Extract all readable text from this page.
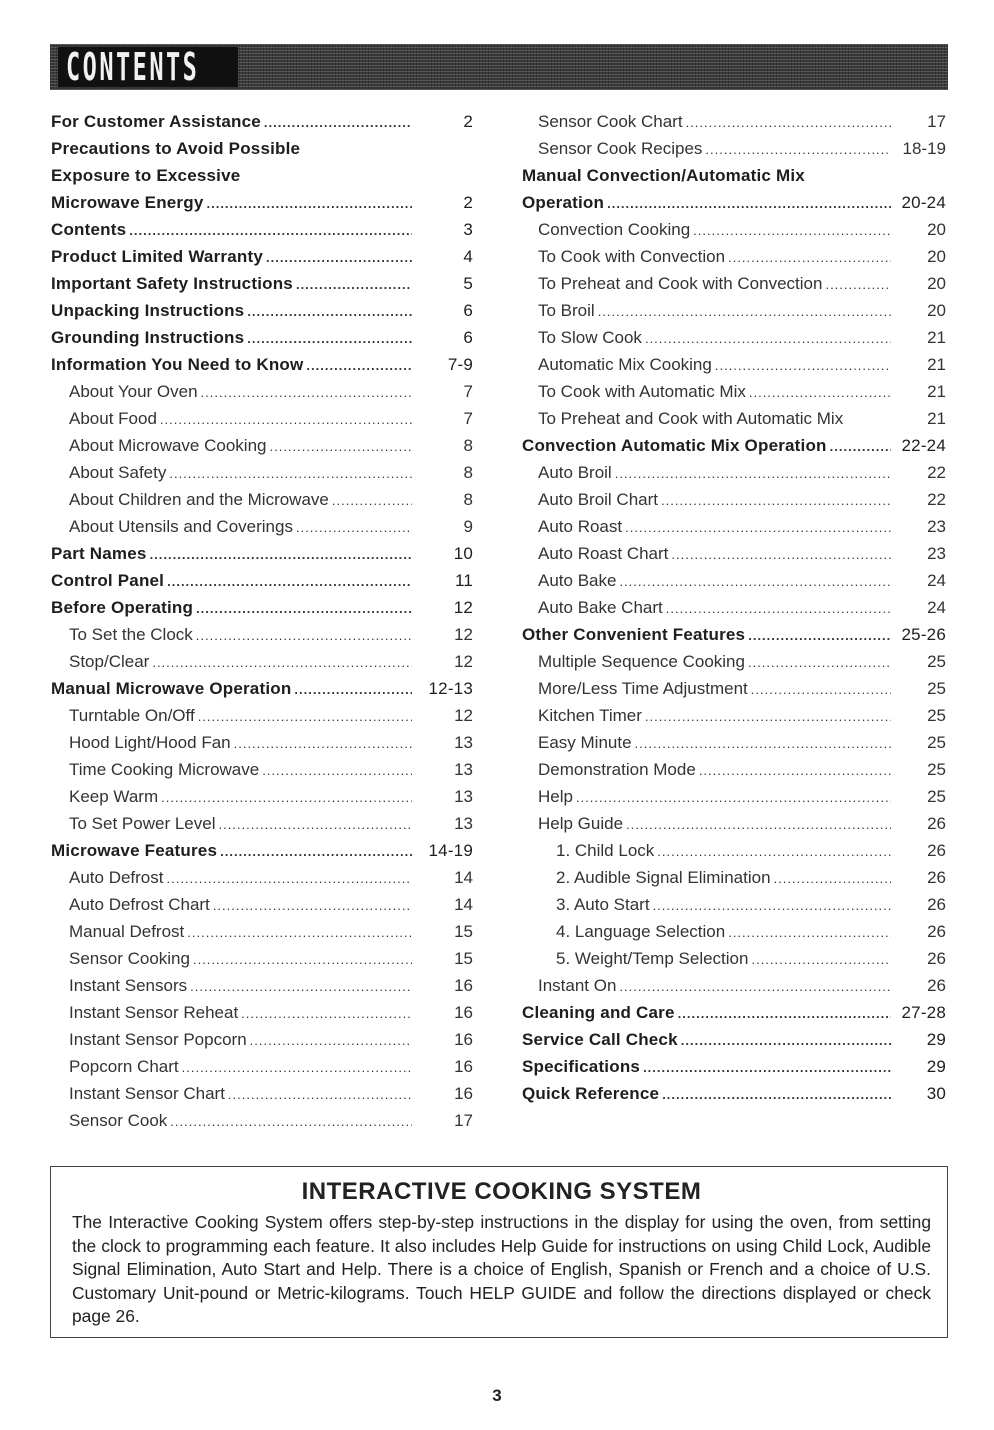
CONTENTS
For Customer Assistance .....	2
Precautions to Avoid Possible
Exposure to Excessive
Microwave Energy .....	2
Contents .....	3
Product Limited Warranty .....	4
Important Safety Instructions .....	5
Unpacking Instructions .....	6
Grounding Instructions .....	6
Information You Need to Know .....	7-9
About Your Oven .....	7
About Food .....	7
About Microwave Cooking .....	8
About Safety .....	8
About Children and the Microwave .....	8
About Utensils and Coverings .....	9
Part Names .....	10
Control Panel .....	11
Before Operating .....	12
To Set the Clock .....	12
Stop/Clear .....	12
Manual Microwave Operation .....	12-13
Turntable On/Off .....	12
Hood Light/Hood Fan .....	13
Time Cooking Microwave .....	13
Keep Warm .....	13
To Set Power Level .....	13
Microwave Features .....	14-19
Auto Defrost .....	14
Auto Defrost Chart .....	14
Manual Defrost .....	15
Sensor Cooking .....	15
Instant Sensors .....	16
Instant Sensor Reheat .....	16
Instant Sensor Popcorn .....	16
Popcorn Chart .....	16
Instant Sensor Chart .....	16
Sensor Cook .....	17
Sensor Cook Chart .....	17
Sensor Cook Recipes .....	18-19
Manual Convection/Automatic Mix
Operation .....	20-24
Convection Cooking .....	20
To Cook with Convection .....	20
To Preheat and Cook with Convection .....	20
To Broil .....	20
To Slow Cook .....	21
Automatic Mix Cooking .....	21
To Cook with Automatic Mix .....	21
To Preheat and Cook with Automatic Mix	21
Convection Automatic Mix Operation .....	22-24
Auto Broil .....	22
Auto Broil Chart .....	22
Auto Roast .....	23
Auto Roast Chart .....	23
Auto Bake .....	24
Auto Bake Chart .....	24
Other Convenient Features .....	25-26
Multiple Sequence Cooking .....	25
More/Less Time Adjustment .....	25
Kitchen Timer .....	25
Easy Minute .....	25
Demonstration Mode .....	25
Help .....	25
Help Guide .....	26
1. Child Lock .....	26
2. Audible Signal Elimination .....	26
3. Auto Start .....	26
4. Language Selection .....	26
5. Weight/Temp Selection .....	26
Instant On .....	26
Cleaning and Care .....	27-28
Service Call Check .....	29
Specifications .....	29
Quick Reference .....	30
INTERACTIVE COOKING SYSTEM

The Interactive Cooking System offers step-by-step instructions in the display for using the oven, from setting the clock to programming each feature. It also includes Help Guide for instructions on using Child Lock, Audible Signal Elimination, Auto Start and Help. There is a choice of English, Spanish or French and a choice of U.S. Customary Unit-pound or Metric-kilograms. Touch HELP GUIDE and follow the directions displayed or check page 26.

3
